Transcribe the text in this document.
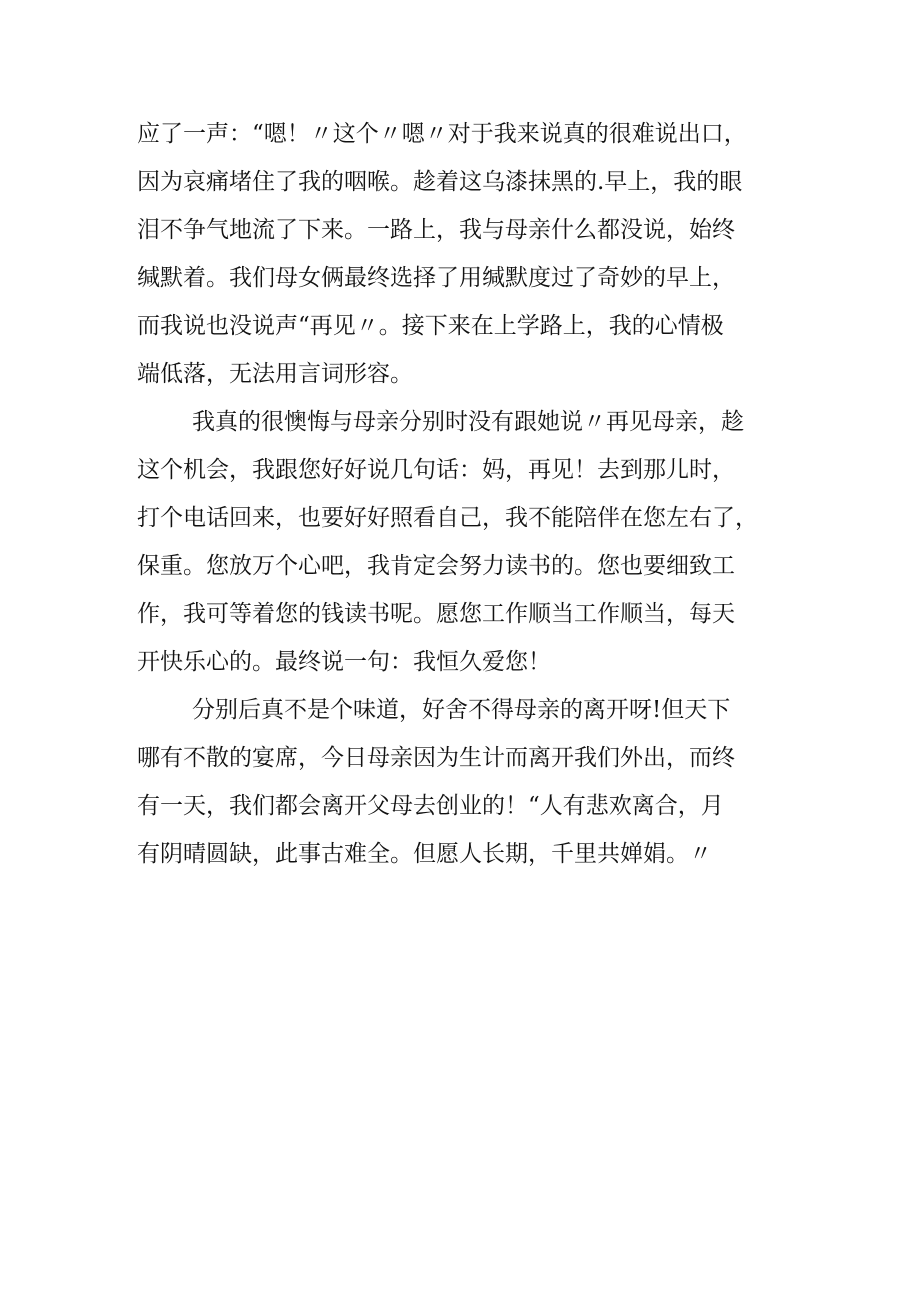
应了一声：“嗯！〃这个〃嗯〃对于我来说真的很难说出口，
因为哀痛堵住了我的咽喉。趁着这乌漆抹黑的.早上，我的眼
泪不争气地流了下来。一路上，我与母亲什么都没说，始终
缄默着。我们母女俩最终选择了用缄默度过了奇妙的早上，
而我说也没说声“再见〃。接下来在上学路上，我的心情极
端低落，无法用言词形容。
我真的很懊悔与母亲分别时没有跟她说〃再见母亲，趁
这个机会，我跟您好好说几句话：妈，再见！去到那儿时，
打个电话回来，也要好好照看自己，我不能陪伴在您左右了，
保重。您放万个心吧，我肯定会努力读书的。您也要细致工
作，我可等着您的钱读书呢。愿您工作顺当工作顺当，每天
开快乐心的。最终说一句：我恒久爱您！
分别后真不是个味道，好舍不得母亲的离开呀!但天下
哪有不散的宴席，今日母亲因为生计而离开我们外出，而终
有一天，我们都会离开父母去创业的！“人有悲欢离合，月
有阴晴圆缺，此事古难全。但愿人长期，千里共婵娟。〃
